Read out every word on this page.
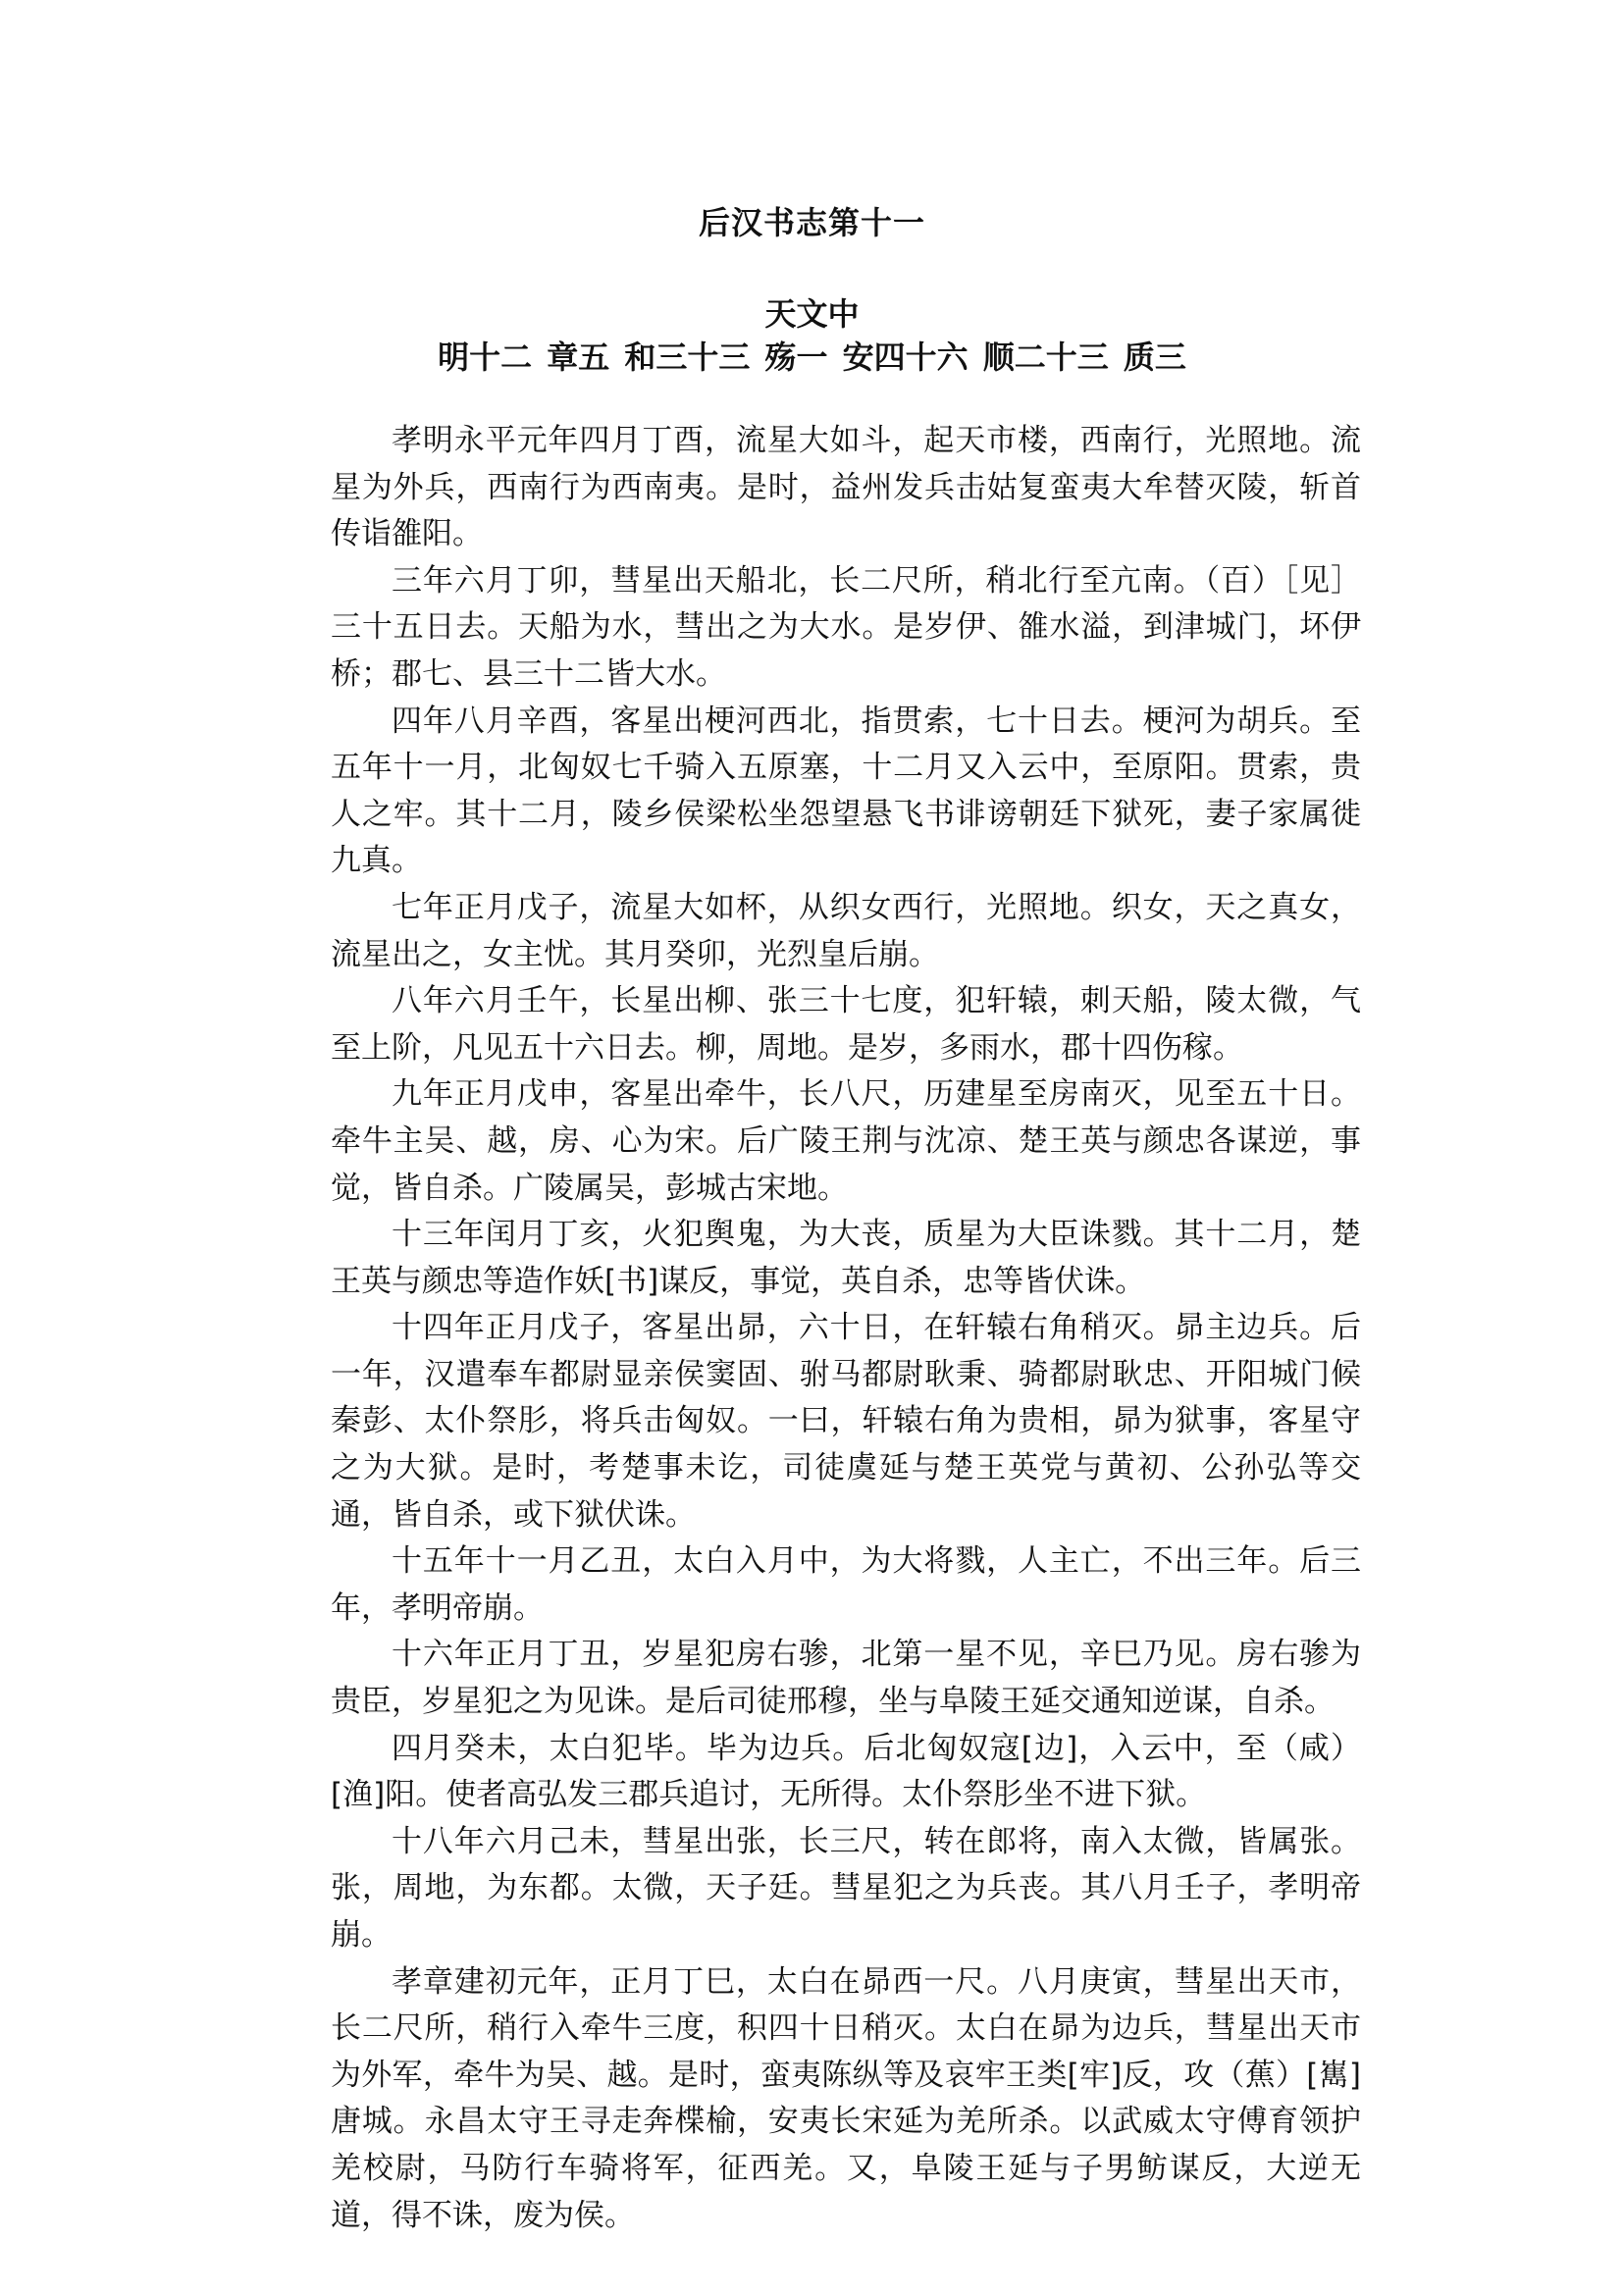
后汉书志第十一
天文中
明十二 章五 和三十三 殇一 安四十六 顺二十三 质三

孝明永平元年四月丁酉，流星大如斗，起天市楼，西南行，光照地。流星为外兵，西南行为西南夷。是时，益州发兵击姑复蛮夷大牟替灭陵，斩首传诣雒阳。

三年六月丁卯，彗星出天船北，长二尺所，稍北行至亢南。（百）［见］三十五日去。天船为水，彗出之为大水。是岁伊、雒水溢，到津城门，坏伊桥；郡七、县三十二皆大水。

四年八月辛酉，客星出梗河西北，指贯索，七十日去。梗河为胡兵。至五年十一月，北匈奴七千骑入五原塞，十二月又入云中，至原阳。贯索，贵人之牢。其十二月，陵乡侯梁松坐怨望悬飞书诽谤朝廷下狱死，妻子家属徙九真。

七年正月戊子，流星大如杯，从织女西行，光照地。织女，天之真女，流星出之，女主忧。其月癸卯，光烈皇后崩。

八年六月壬午，长星出柳、张三十七度，犯轩辕，刺天船，陵太微，气至上阶，凡见五十六日去。柳，周地。是岁，多雨水，郡十四伤稼。

九年正月戊申，客星出牵牛，长八尺，历建星至房南灭，见至五十日。牵牛主吴、越，房、心为宋。后广陵王荆与沈凉、楚王英与颜忠各谋逆，事觉，皆自杀。广陵属吴，彭城古宋地。

十三年闰月丁亥，火犯舆鬼，为大丧，质星为大臣诛戮。其十二月，楚王英与颜忠等造作妖[书]谋反，事觉，英自杀，忠等皆伏诛。

十四年正月戊子，客星出昴，六十日，在轩辕右角稍灭。昴主边兵。后一年，汉遣奉车都尉显亲侯窦固、驸马都尉耿秉、骑都尉耿忠、开阳城门候秦彭、太仆祭肜，将兵击匈奴。一曰，轩辕右角为贵相，昴为狱事，客星守之为大狱。是时，考楚事未讫，司徒虞延与楚王英党与黄初、公孙弘等交通，皆自杀，或下狱伏诛。

十五年十一月乙丑，太白入月中，为大将戮，人主亡，不出三年。后三年，孝明帝崩。

十六年正月丁丑，岁星犯房右骖，北第一星不见，辛巳乃见。房右骖为贵臣，岁星犯之为见诛。是后司徒邢穆，坐与阜陵王延交通知逆谋，自杀。

四月癸未，太白犯毕。毕为边兵。后北匈奴寇[边]，入云中，至（咸）[渔]阳。使者高弘发三郡兵追讨，无所得。太仆祭肜坐不进下狱。

十八年六月己未，彗星出张，长三尺，转在郎将，南入太微，皆属张。张，周地，为东都。太微，天子廷。彗星犯之为兵丧。其八月壬子，孝明帝崩。

孝章建初元年，正月丁巳，太白在昴西一尺。八月庚寅，彗星出天市，长二尺所，稍行入牵牛三度，积四十日稍灭。太白在昴为边兵，彗星出天市为外军，牵牛为吴、越。是时，蛮夷陈纵等及哀牢王类[牢]反，攻（蕉）[嶲]唐城。永昌太守王寻走奔楪榆，安夷长宋延为羌所杀。以武威太守傅育领护羌校尉，马防行车骑将军，征西羌。又，阜陵王延与子男鲂谋反，大逆无道，得不诛，废为侯。
